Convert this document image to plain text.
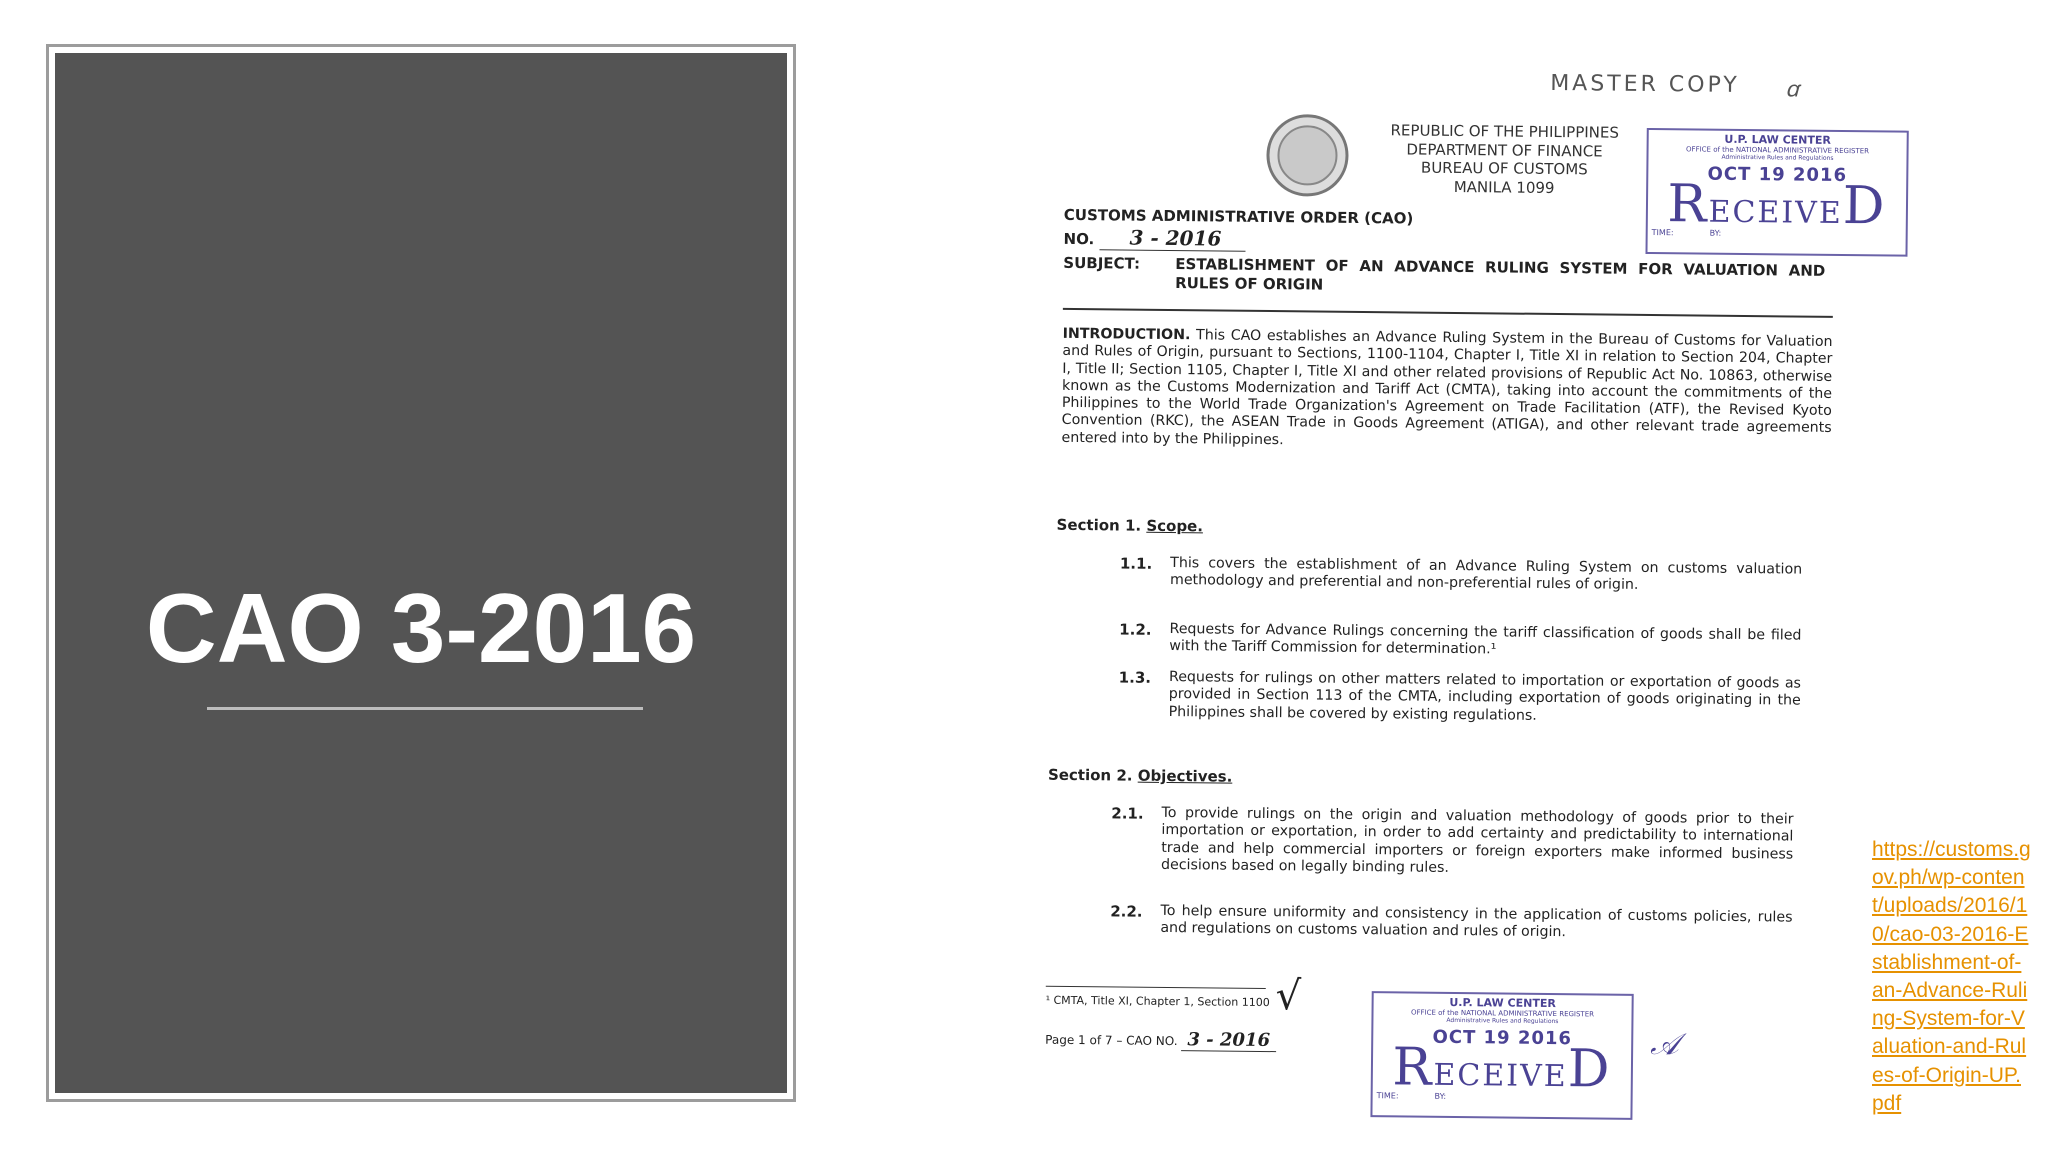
CAO 3-2016
MASTER COPY ꭤ
REPUBLIC OF THE PHILIPPINES
DEPARTMENT OF FINANCE
BUREAU OF CUSTOMS
MANILA 1099
U.P. LAW CENTER
OFFICE of the NATIONAL ADMINISTRATIVE REGISTER
Administrative Rules and Regulations
OCT 19 2016
RECEIVED
TIME:	BY:
CUSTOMS ADMINISTRATIVE ORDER (CAO)
NO. 3 - 2016
SUBJECT: ESTABLISHMENT OF AN ADVANCE RULING SYSTEM FOR VALUATION AND RULES OF ORIGIN
INTRODUCTION. This CAO establishes an Advance Ruling System in the Bureau of Customs for Valuation and Rules of Origin, pursuant to Sections, 1100-1104, Chapter I, Title XI in relation to Section 204, Chapter I, Title II; Section 1105, Chapter I, Title XI and other related provisions of Republic Act No. 10863, otherwise known as the Customs Modernization and Tariff Act (CMTA), taking into account the commitments of the Philippines to the World Trade Organization's Agreement on Trade Facilitation (ATF), the Revised Kyoto Convention (RKC), the ASEAN Trade in Goods Agreement (ATIGA), and other relevant trade agreements entered into by the Philippines.
Section 1. Scope.
1.1.	This covers the establishment of an Advance Ruling System on customs valuation methodology and preferential and non-preferential rules of origin.
1.2.	Requests for Advance Rulings concerning the tariff classification of goods shall be filed with the Tariff Commission for determination.¹
1.3.	Requests for rulings on other matters related to importation or exportation of goods as provided in Section 113 of the CMTA, including exportation of goods originating in the Philippines shall be covered by existing regulations.
Section 2. Objectives.
2.1.	To provide rulings on the origin and valuation methodology of goods prior to their importation or exportation, in order to add certainty and predictability to international trade and help commercial importers or foreign exporters make informed business decisions based on legally binding rules.
2.2.	To help ensure uniformity and consistency in the application of customs policies, rules and regulations on customs valuation and rules of origin.
¹ CMTA, Title XI, Chapter 1, Section 1100 √
Page 1 of 7 – CAO NO. 3 - 2016
U.P. LAW CENTER
OFFICE of the NATIONAL ADMINISTRATIVE REGISTER
Administrative Rules and Regulations
OCT 19 2016
RECEIVED
TIME:	BY:
𝒜
https://customs.gov.ph/wp-content/uploads/2016/10/cao-03-2016-Establishment-of-an-Advance-Ruling-System-for-Valuation-and-Rules-of-Origin-UP.pdf
